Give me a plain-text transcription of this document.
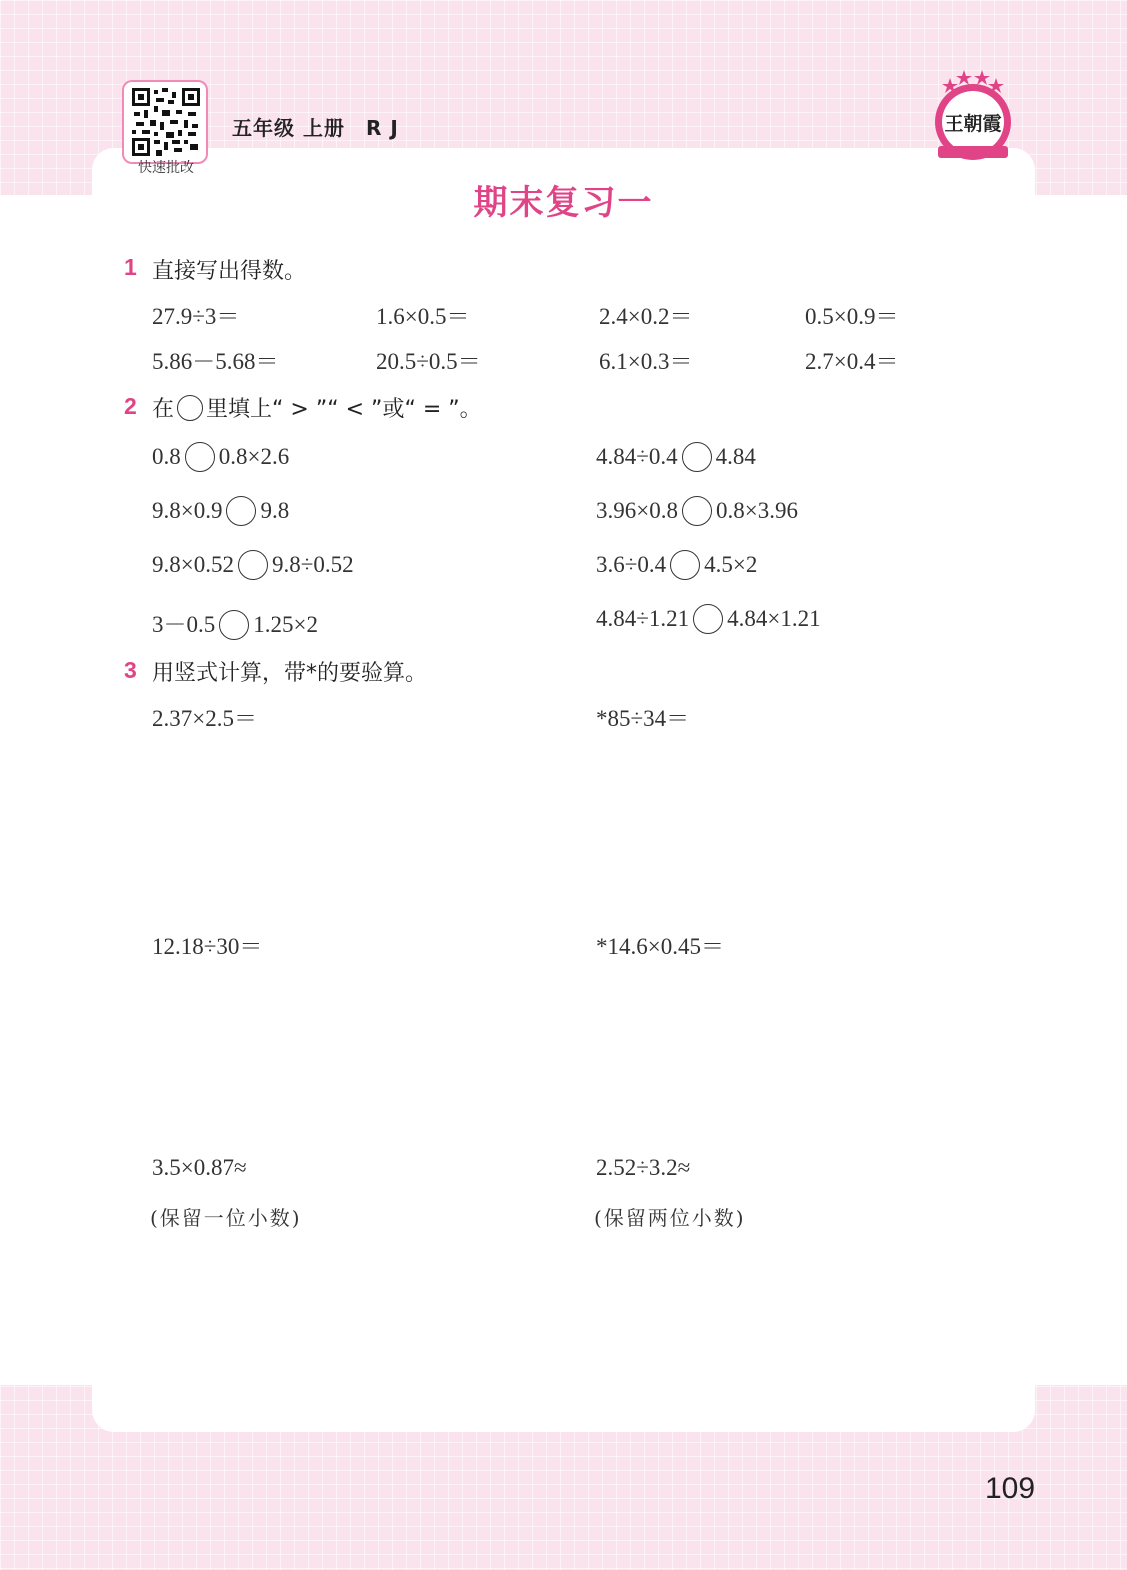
快速批改
五年级 上册　R J	王朝霞
期末复习一
1 直接写出得数。
27.9÷3＝	1.6×0.5＝	2.4×0.2＝	0.5×0.9＝
5.86－5.68＝	20.5÷0.5＝	6.1×0.3＝	2.7×0.4＝
2 在 里填上“ > ”“ < ”或“ = ”。
0.8 0.8×2.6	4.84÷0.4 4.84
9.8×0.9 9.8	3.96×0.8 0.8×3.96
9.8×0.52 9.8÷0.52	3.6÷0.4 4.5×2
3－0.5 1.25×2	4.84÷1.21 4.84×1.21
3 用竖式计算，带*的要验算。
2.37×2.5＝	*85÷34＝
12.18÷30＝	*14.6×0.45＝
3.5×0.87≈	2.52÷3.2≈
(保留一位小数)	(保留两位小数)
109
